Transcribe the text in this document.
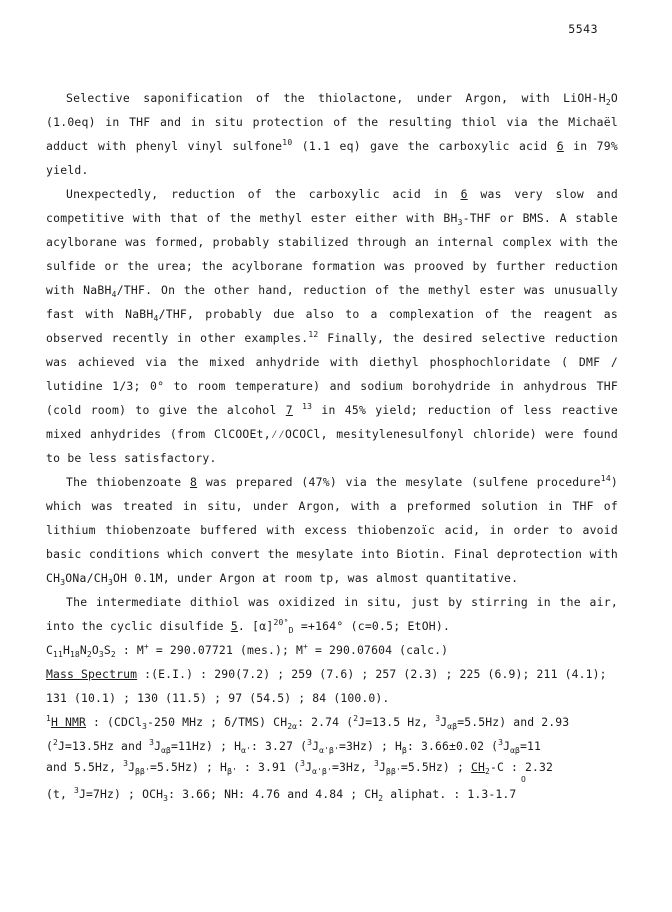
5543

Selective saponification of the thiolactone, under Argon, with LiOH-$H_2O$ (1.0eq) in THF and in situ protection of the resulting thiol via the Michaël adduct with phenyl vinyl sulfone$^{10}$ (1.1 eq) gave the carboxylic acid 6 in 79% yield.

Unexpectedly, reduction of the carboxylic acid in 6 was very slow and competitive with that of the methyl ester either with $BH_3$-THF or BMS. A stable acylborane was formed, probably stabilized through an internal complex with the sulfide or the urea; the acylborane formation was prooved by further reduction with NaBH$_4$/THF. On the other hand, reduction of the methyl ester was unusually fast with NaBH$_4$/THF, probably due also to a complexation of the reagent as observed recently in other examples.$^{12}$ Finally, the desired selective reduction was achieved via the mixed anhydride with diethyl phosphochloridate ( DMF / lutidine 1/3; 0° to room temperature) and sodium borohydride in anhydrous THF (cold room) to give the alcohol 7 $^{13}$ in 45% yield; reduction of less reactive mixed anhydrides (from ClCOOEt,⁄⁄OCOCl, mesitylenesulfonyl chloride) were found to be less satisfactory.

The thiobenzoate 8 was prepared (47%) via the mesylate (sulfene procedure$^{14}$) which was treated in situ, under Argon, with a preformed solution in THF of lithium thiobenzoate buffered with excess thiobenzoïc acid, in order to avoid basic conditions which convert the mesylate into Biotin. Final deprotection with $CH_3ONa/CH_3OH$ 0.1M, under Argon at room tp, was almost quantitative.

The intermediate dithiol was oxidized in situ, just by stirring in the air, into the cyclic disulfide 5. $[\alpha]^{20^\circ}_D =+164^\circ$ (c=0.5; EtOH).

$C_{11}H_{18}N_2O_3S_2$ : M+ = 290.07721 (mes.); M+ = 290.07604 (calc.)

Mass Spectrum :(E.I.) : 290(7.2) ; 259 (7.6) ; 257 (2.3) ; 225 (6.9); 211 (4.1);

131 (10.1) ; 130 (11.5) ; 97 (54.5) ; 84 (100.0).

$^1$H NMR : (CDCl$_3$-250 MHz ; δ/TMS) $CH_{2\alpha}$: 2.74 ($^2$J=13.5 Hz, $^3J_{\alpha\beta}=5.5Hz$) and 2.93

($^2$J=13.5Hz and $^3J_{\alpha\beta}=11Hz$) ; $H_{\alpha'}$: 3.27 $(^3J_{\alpha'\beta'}=3Hz)$ ; $H_\beta$: 3.66±0.02 ($^3J_{\alpha\beta}=11$

and 5.5Hz, $^3J_{\beta\beta'}=5.5Hz$) ; $H_{\beta'}$ : 3.91 ($^3J_{\alpha'\beta'}=3Hz$, $^3J_{\beta\beta'}=5.5Hz$) ; $CH_2-C$ : 2.32

O

(t, $^3$J=7Hz) ; $OCH_3$: 3.66; NH: 4.76 and 4.84 ; $CH_2$ aliphat. : 1.3-1.7
